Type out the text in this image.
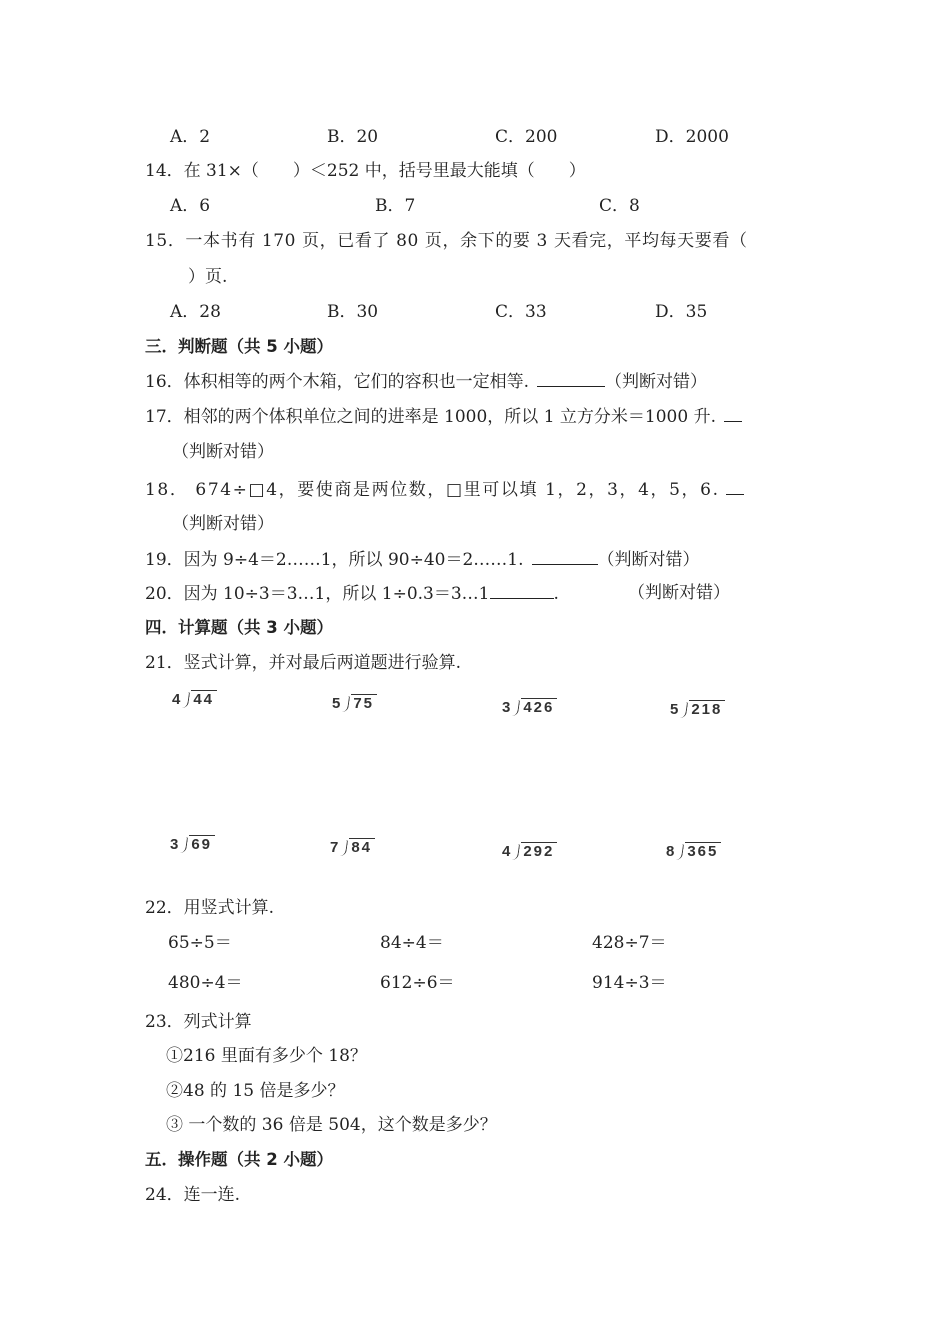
A．2	B．20	C．200	D．2000
14．在 31×（　　）＜252 中，括号里最大能填（　　）
A．6	B．7	C．8
15．一本书有 170 页，已看了 80 页，余下的要 3 天看完，平均每天要看（
）页.
A．28	B．30	C．33	D．35
三．判断题（共 5 小题）
16．体积相等的两个木箱，它们的容积也一定相等.	（判断对错）
17．相邻的两个体积单位之间的进率是 1000，所以 1 立方分米＝1000 升.
（判断对错）
18． 674÷□4，要使商是两位数，□里可以填 1，2，3，4，5，6.
（判断对错）
19．因为 9÷4＝2……1，所以 90÷40＝2……1.	（判断对错）
20．因为 10÷3＝3…1，所以 1÷0.3＝3…1	.	（判断对错）
四．计算题（共 3 小题）
21．竖式计算，并对最后两道题进行验算.
4 44	5 75	3 426	5 218
3 69	7 84	4 292	8 365
22．用竖式计算.
65÷5＝	84÷4＝	428÷7＝
480÷4＝	612÷6＝	914÷3＝
23．列式计算
①216 里面有多少个 18？
②48 的 15 倍是多少？
③ 一个数的 36 倍是 504，这个数是多少？
五．操作题（共 2 小题）
24．连一连.
